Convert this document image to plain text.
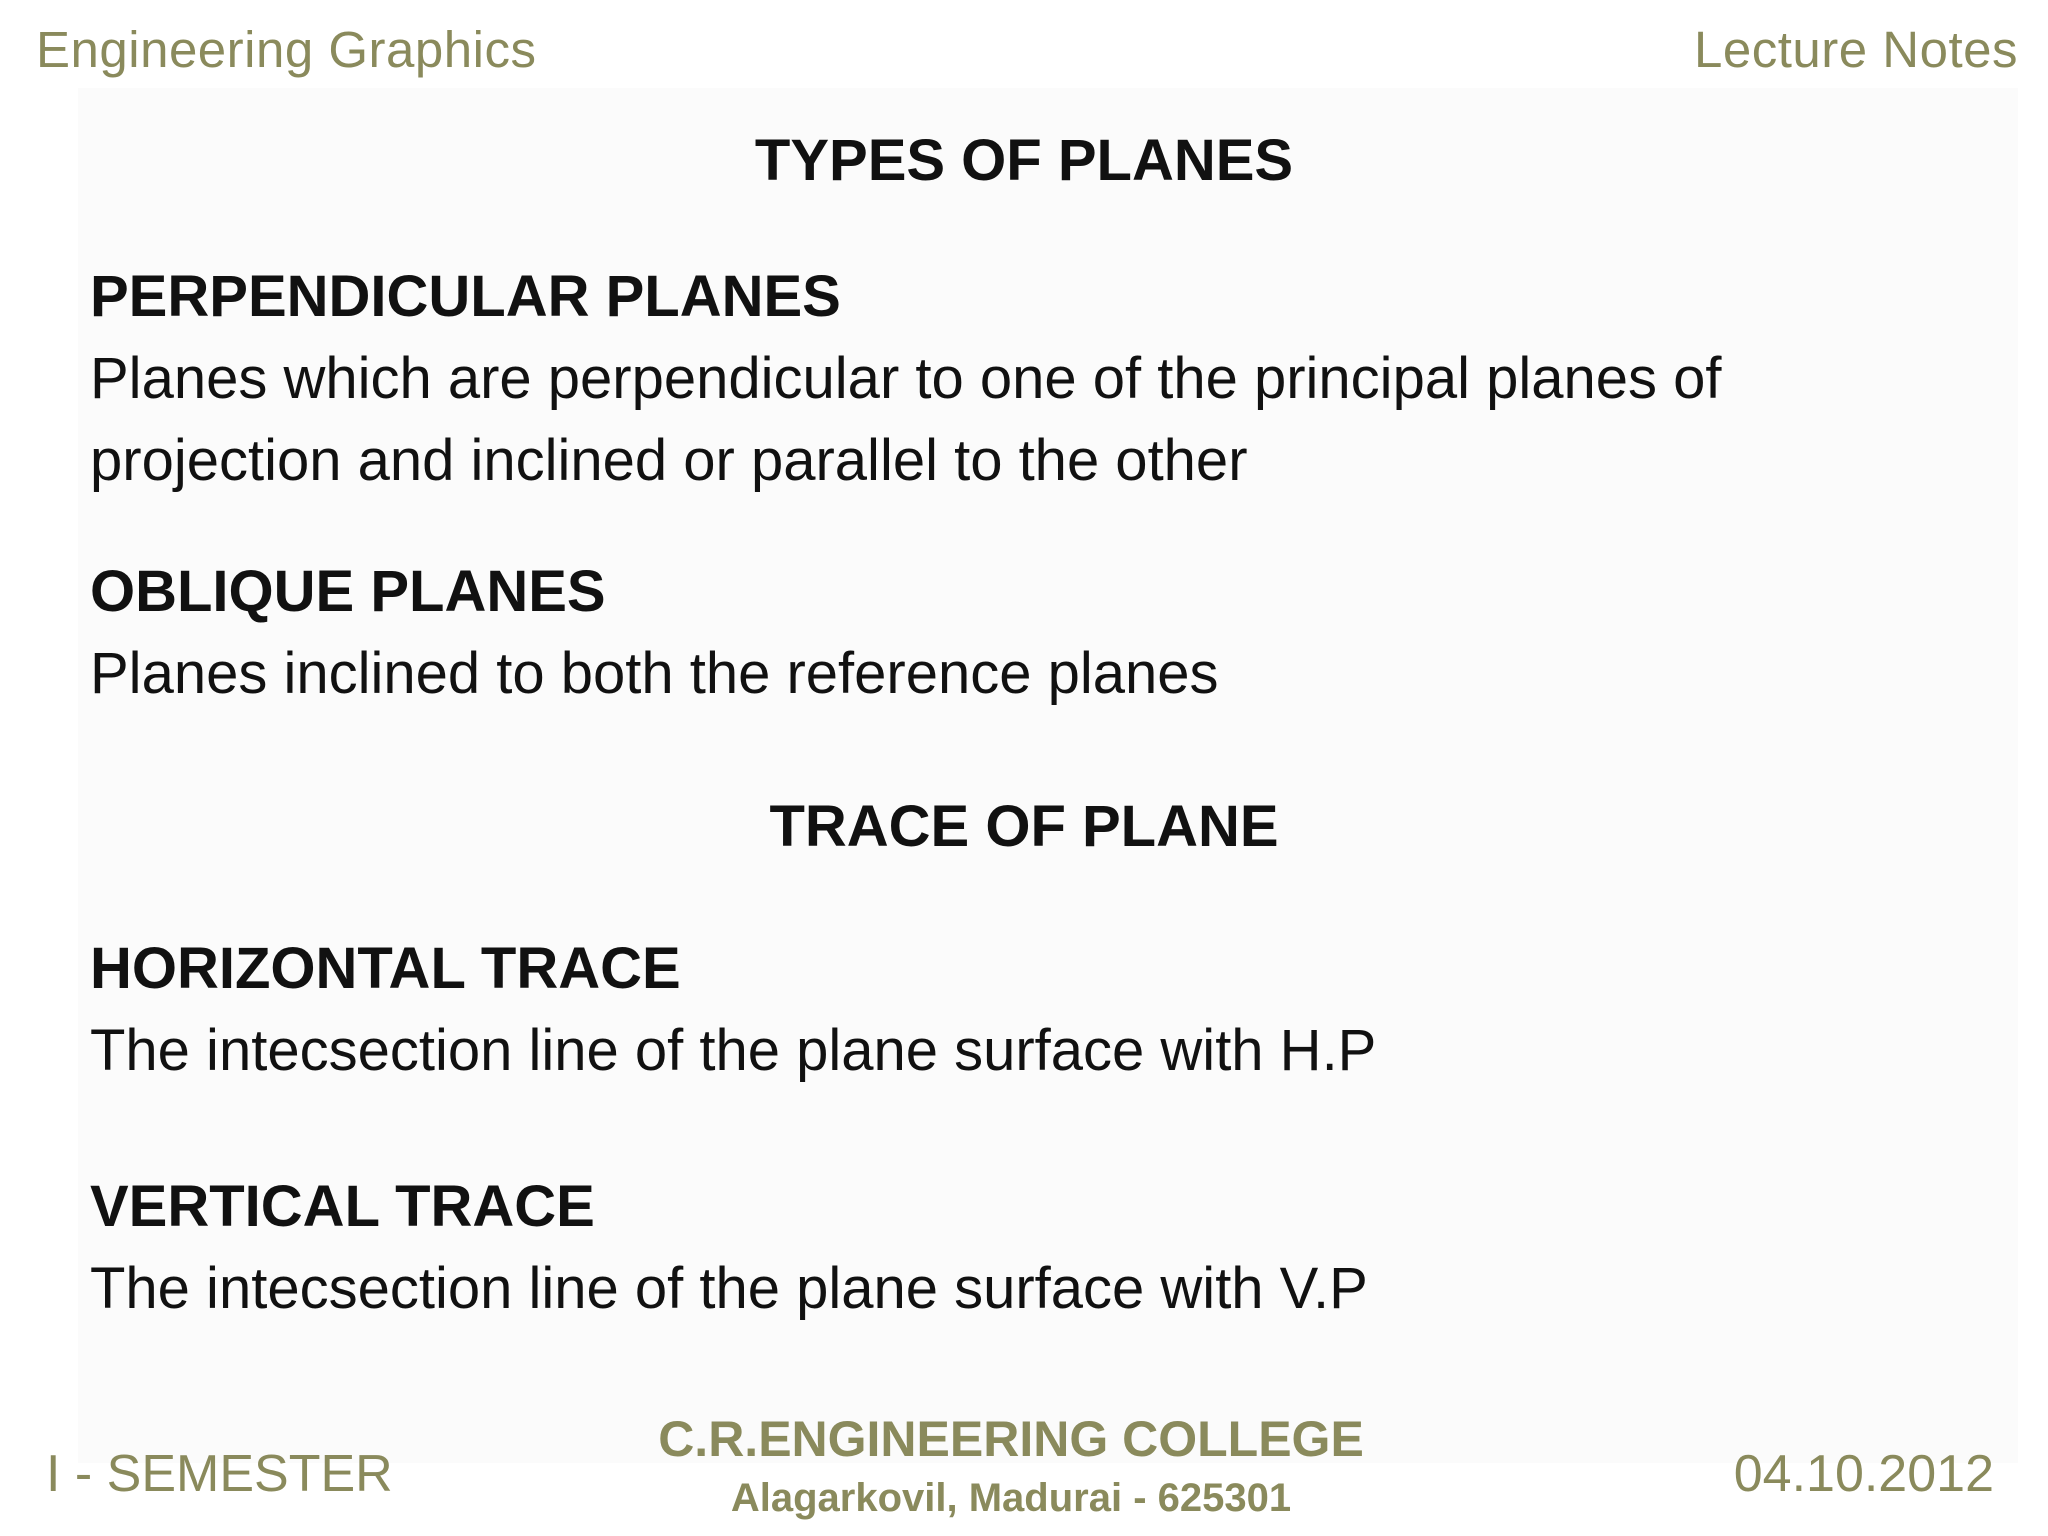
Engineering Graphics	Lecture Notes
TYPES OF PLANES
PERPENDICULAR PLANES
Planes which are perpendicular to one of the principal planes of
projection and inclined or parallel to the other
OBLIQUE PLANES
Planes inclined to both the reference planes
TRACE OF PLANE
HORIZONTAL TRACE
The intecsection line of the plane surface with H.P
VERTICAL TRACE
The intecsection line of the plane surface with V.P
I - SEMESTER
C.R.ENGINEERING COLLEGE
Alagarkovil, Madurai - 625301	04.10.2012
